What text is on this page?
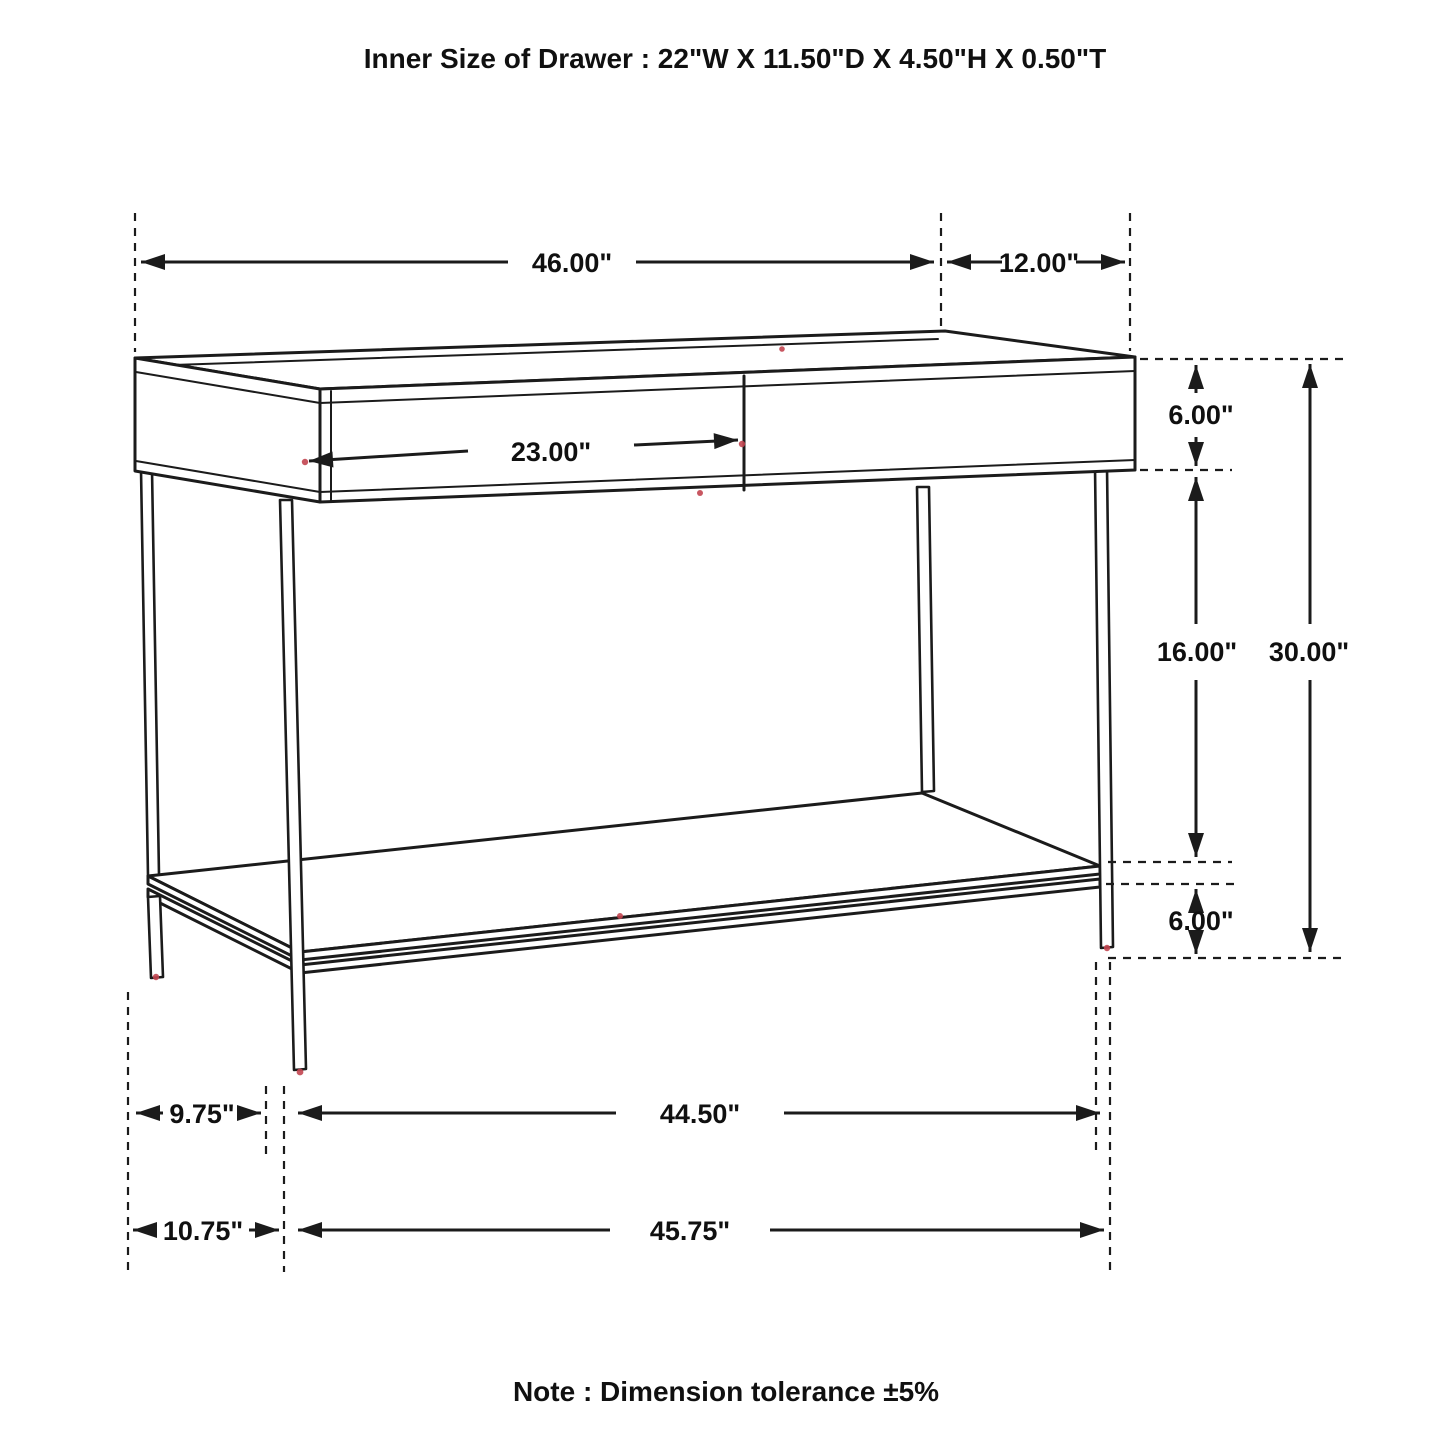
Inner Size of Drawer : 22"W X 11.50"D X 4.50"H X 0.50"T
46.00"	12.00"
23.00"
6.00"
16.00" 30.00"
6.00"
9.75"	44.50"
10.75"	45.75"
Note : Dimension tolerance ±5%
